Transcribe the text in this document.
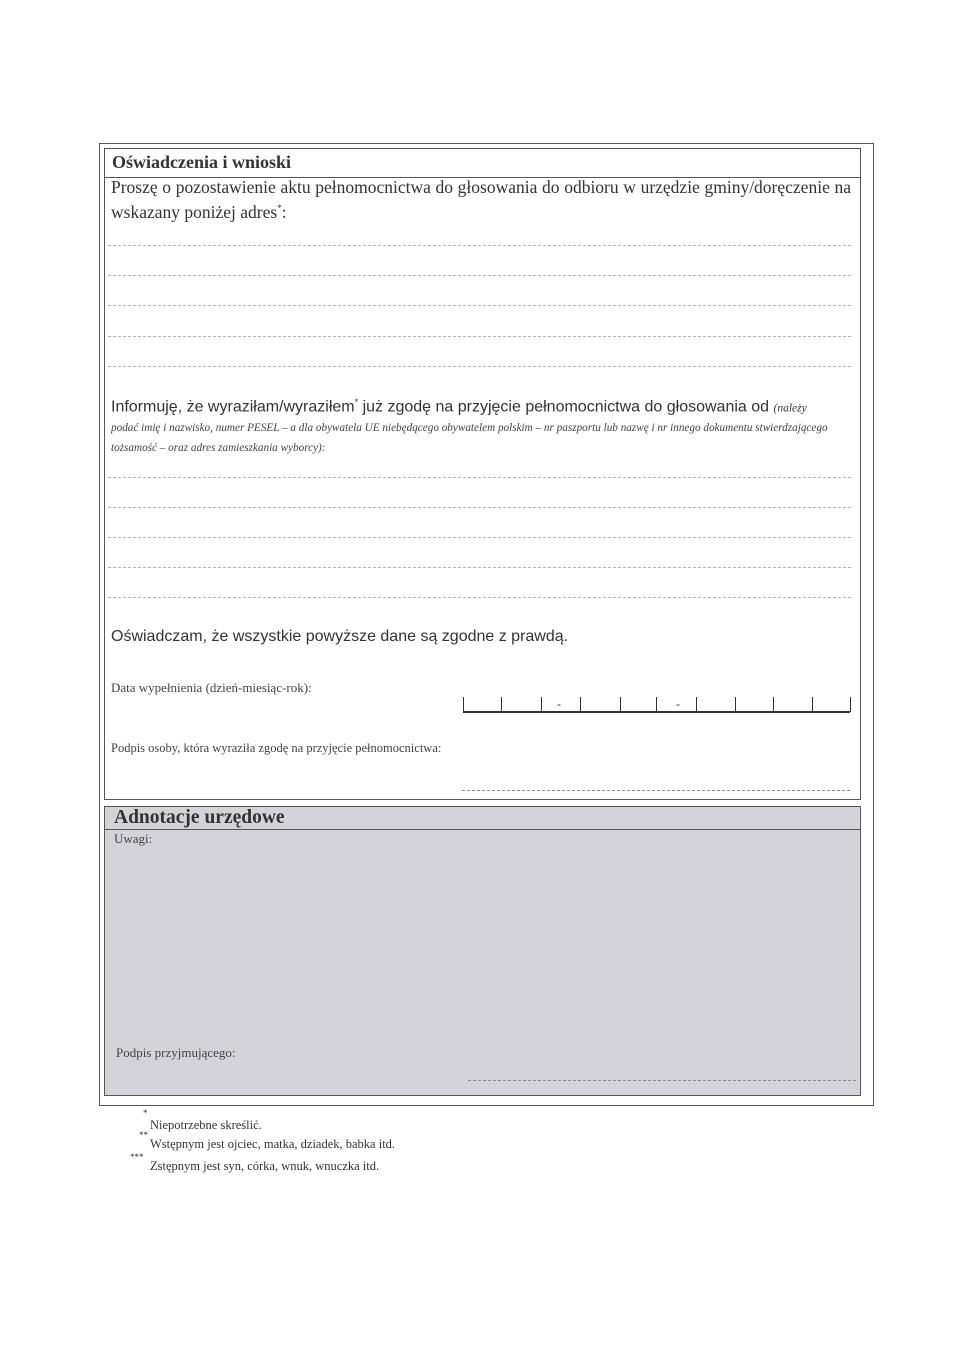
Oświadczenia i wnioski
Proszę o pozostawienie aktu pełnomocnictwa do głosowania do odbioru w urzędzie gminy/doręczenie na wskazany poniżej adres*:
Informuję, że wyraziłam/wyraziłem* już zgodę na przyjęcie pełnomocnictwa do głosowania od (należy
podać imię i nazwisko, numer PESEL – a dla obywatela UE niebędącego obywatelem polskim – nr paszportu lub nazwę i nr innego dokumentu stwierdzającego tożsamość – oraz adres zamieszkania wyborcy):
Oświadczam, że wszystkie powyższe dane są zgodne z prawdą.
Data wypełnienia (dzień-miesiąc-rok):
-	-
Podpis osoby, która wyraziła zgodę na przyjęcie pełnomocnictwa:
Adnotacje urzędowe
Uwagi:
Podpis przyjmującego:
*
Niepotrzebne skreślić.
**
Wstępnym jest ojciec, matka, dziadek, babka itd.
***
Zstępnym jest syn, córka, wnuk, wnuczka itd.
